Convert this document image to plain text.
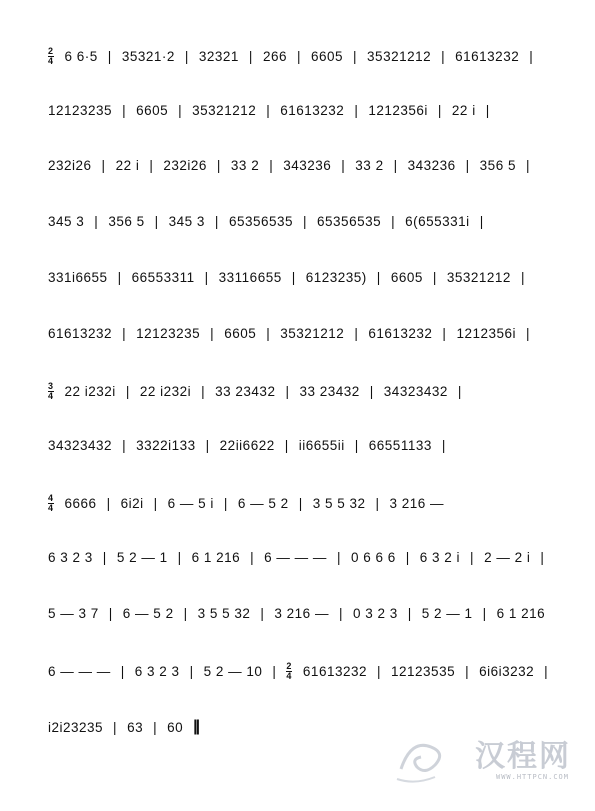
2
4 6 6·5 | 35321·2 | 32321 | 266 | 6605 | 35321212 | 61613232 |
12123235 | 6605 | 35321212 | 61613232 | 1212356i | 22 i |
232i26 | 22 i | 232i26 | 33 2 | 343236 | 33 2 | 343236 | 356 5 |
345 3 | 356 5 | 345 3 | 65356535 | 65356535 | 6(655331i |
331i6655 | 66553311 | 33116655 | 6123235) | 6605 | 35321212 |
61613232 | 12123235 | 6605 | 35321212 | 61613232 | 1212356i |
3
4 22 i232i | 22 i232i | 33 23432 | 33 23432 | 34323432 |
34323432 | 3322i133 | 22ii6622 | ii6655ii | 66551133 |
4
4 6666 | 6i2i | 6 — 5 i | 6 — 5 2 | 3 5 5 32 | 3 216 —
6 3 2 3 | 5 2 — 1 | 6 1 216 | 6 — — — | 0 6 6 6 | 6 3 2 i | 2 — 2 i |
5 — 3 7 | 6 — 5 2 | 3 5 5 32 | 3 216 — | 0 3 2 3 | 5 2 — 1 | 6 1 216
6 — — — | 6 3 2 3 | 5 2 — 10 | 2
4 61613232 | 12123535 | 6i6i3232 |
i2i23235 | 63 | 60 ||
汉程网
WWW.HTTPCN.COM
